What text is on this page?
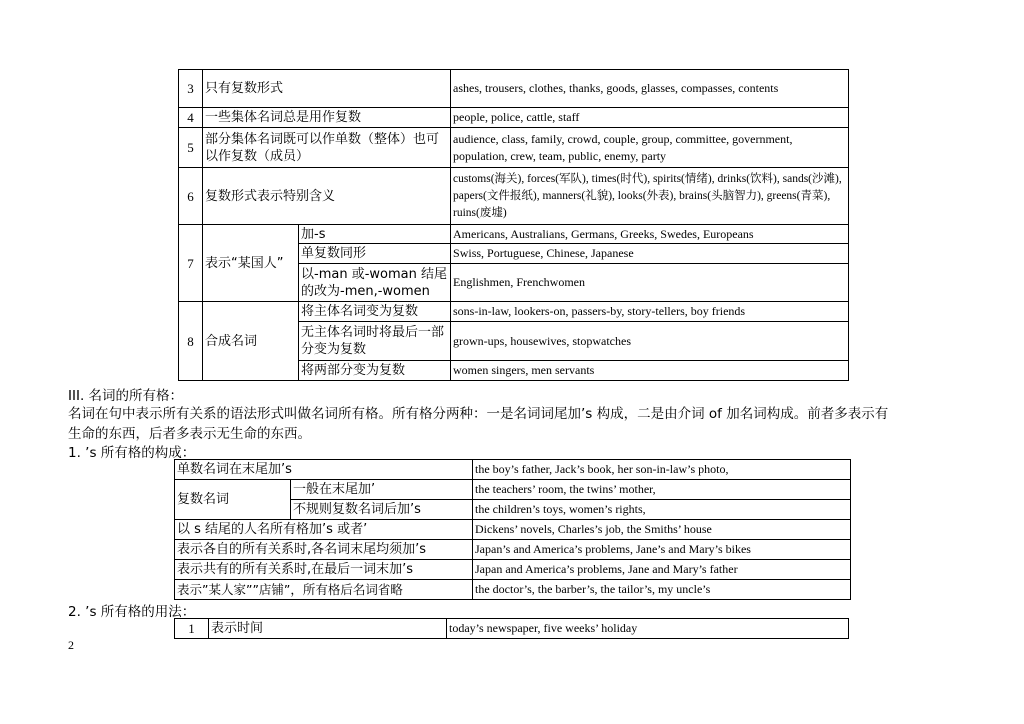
3	只有复数形式		ashes, trousers, clothes, thanks, goods, glasses, compasses, contents
4	一些集体名词总是用作复数		people, police, cattle, staff
5	部分集体名词既可以作单数（整体）也可以作复数（成员）		audience, class, family, crowd, couple, group, committee, government, population, crew, team, public, enemy, party
6	复数形式表示特别含义		customs(海关), forces(军队), times(时代), spirits(情绪), drinks(饮料), sands(沙滩), papers(文件报纸), manners(礼貌), looks(外表), brains(头脑智力), greens(青菜), ruins(废墟)
7	表示“某国人”	加-s	Americans, Australians, Germans, Greeks, Swedes, Europeans
		单复数同形	Swiss, Portuguese, Chinese, Japanese
		以-man 或-woman 结尾的改为-men,-women	Englishmen, Frenchwomen
8	合成名词	将主体名词变为复数	sons-in-law, lookers-on, passers-by, story-tellers, boy friends
		无主体名词时将最后一部分变为复数	grown-ups, housewives, stopwatches
		将两部分变为复数	women singers, men servants
III. 名词的所有格：
名词在句中表示所有关系的语法形式叫做名词所有格。所有格分两种：一是名词词尾加’s 构成，二是由介词 of 加名词构成。前者多表示有
生命的东西，后者多表示无生命的东西。
1. ’s 所有格的构成：
单数名词在末尾加’s		the boy’s father, Jack’s book, her son-in-law’s photo,
复数名词	一般在末尾加’	the teachers’ room, the twins’ mother,
	不规则复数名词后加’s	the children’s toys, women’s rights,
以 s 结尾的人名所有格加’s 或者’		Dickens’ novels, Charles’s job, the Smiths’ house
表示各自的所有关系时,各名词末尾均须加’s		Japan’s and America’s problems, Jane’s and Mary’s bikes
表示共有的所有关系时,在最后一词末加’s		Japan and America’s problems, Jane and Mary’s father
表示”某人家””店铺”，所有格后名词省略		the doctor’s, the barber’s, the tailor’s, my uncle’s
2. ’s 所有格的用法：
1	表示时间	today’s newspaper, five weeks’ holiday
2
